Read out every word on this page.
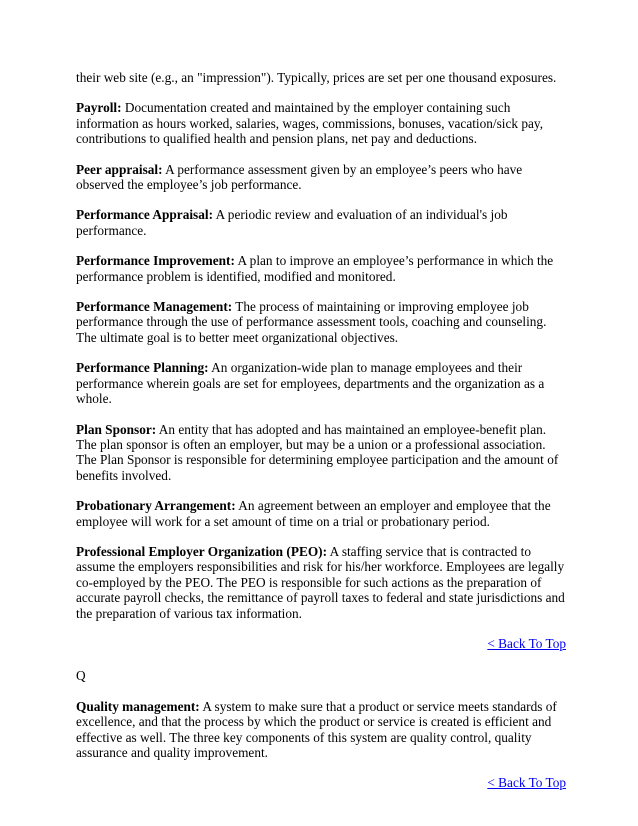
their web site (e.g., an "impression"). Typically, prices are set per one thousand exposures.

Payroll: Documentation created and maintained by the employer containing such information as hours worked, salaries, wages, commissions, bonuses, vacation/sick pay, contributions to qualified health and pension plans, net pay and deductions.

Peer appraisal: A performance assessment given by an employee’s peers who have observed the employee’s job performance.

Performance Appraisal: A periodic review and evaluation of an individual's job performance.

Performance Improvement: A plan to improve an employee’s performance in which the performance problem is identified, modified and monitored.

Performance Management: The process of maintaining or improving employee job performance through the use of performance assessment tools, coaching and counseling. The ultimate goal is to better meet organizational objectives.

Performance Planning: An organization-wide plan to manage employees and their performance wherein goals are set for employees, departments and the organization as a whole.

Plan Sponsor: An entity that has adopted and has maintained an employee-benefit plan. The plan sponsor is often an employer, but may be a union or a professional association. The Plan Sponsor is responsible for determining employee participation and the amount of benefits involved.

Probationary Arrangement: An agreement between an employer and employee that the employee will work for a set amount of time on a trial or probationary period.

Professional Employer Organization (PEO): A staffing service that is contracted to assume the employers responsibilities and risk for his/her workforce. Employees are legally co-employed by the PEO. The PEO is responsible for such actions as the preparation of accurate payroll checks, the remittance of payroll taxes to federal and state jurisdictions and the preparation of various tax information.

< Back To Top

Q

Quality management: A system to make sure that a product or service meets standards of excellence, and that the process by which the product or service is created is efficient and effective as well. The three key components of this system are quality control, quality assurance and quality improvement.

< Back To Top
